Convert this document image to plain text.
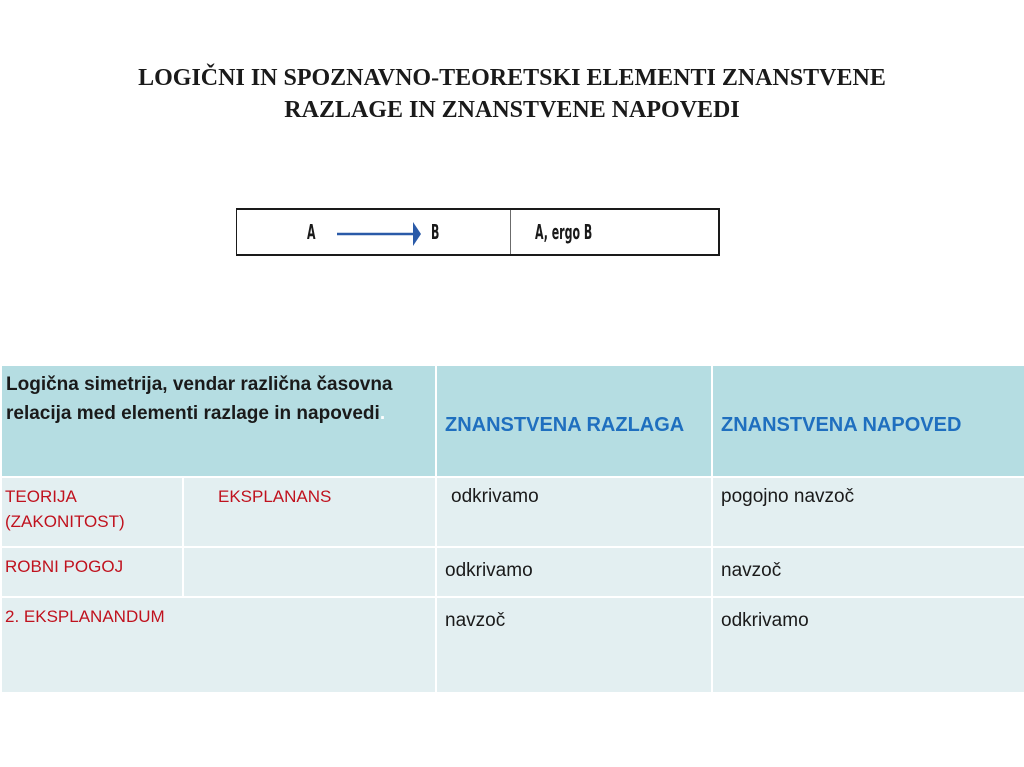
LOGIČNI IN SPOZNAVNO-TEORETSKI ELEMENTI ZNANSTVENE
RAZLAGE IN ZNANSTVENE NAPOVEDI
A	B	A, ergo B
Logična simetrija, vendar različna časovna relacija med elementi razlage in napovedi.		ZNANSTVENA RAZLAGA	ZNANSTVENA NAPOVED
TEORIJA (ZAKONITOST)	EKSPLANANS	odkrivamo	pogojno navzoč
ROBNI POGOJ		odkrivamo	navzoč
2. EKSPLANANDUM		navzoč	odkrivamo
